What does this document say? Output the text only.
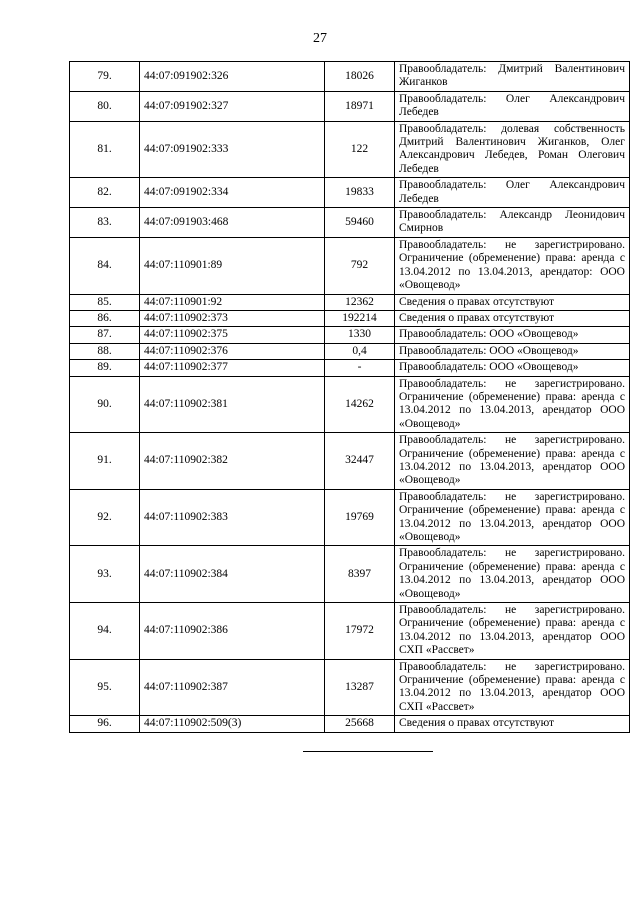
27
79.	44:07:091902:326	18026	Правообладатель: Дмитрий Валентинович Жиганков
80.	44:07:091902:327	18971	Правообладатель: Олег Александрович Лебедев
81.	44:07:091902:333	122	Правообладатель: долевая собственность Дмитрий Валентинович Жиганков, Олег Александрович Лебедев, Роман Олегович Лебедев
82.	44:07:091902:334	19833	Правообладатель: Олег Александрович Лебедев
83.	44:07:091903:468	59460	Правообладатель: Александр Леонидович Смирнов
84.	44:07:110901:89	792	Правообладатель: не зарегистрировано. Ограничение (обременение) права: аренда с 13.04.2012 по 13.04.2013, арендатор: ООО «Овощевод»
85.	44:07:110901:92	12362	Сведения о правах отсутствуют
86.	44:07:110902:373	192214	Сведения о правах отсутствуют
87.	44:07:110902:375	1330	Правообладатель: ООО «Овощевод»
88.	44:07:110902:376	0,4	Правообладатель: ООО «Овощевод»
89.	44:07:110902:377	-	Правообладатель: ООО «Овощевод»
90.	44:07:110902:381	14262	Правообладатель: не зарегистрировано. Ограничение (обременение) права: аренда с 13.04.2012 по 13.04.2013, арендатор ООО «Овощевод»
91.	44:07:110902:382	32447	Правообладатель: не зарегистрировано. Ограничение (обременение) права: аренда с 13.04.2012 по 13.04.2013, арендатор ООО «Овощевод»
92.	44:07:110902:383	19769	Правообладатель: не зарегистрировано. Ограничение (обременение) права: аренда с 13.04.2012 по 13.04.2013, арендатор ООО «Овощевод»
93.	44:07:110902:384	8397	Правообладатель: не зарегистрировано. Ограничение (обременение) права: аренда с 13.04.2012 по 13.04.2013, арендатор ООО «Овощевод»
94.	44:07:110902:386	17972	Правообладатель: не зарегистрировано. Ограничение (обременение) права: аренда с 13.04.2012 по 13.04.2013, арендатор ООО СХП «Рассвет»
95.	44:07:110902:387	13287	Правообладатель: не зарегистрировано. Ограничение (обременение) права: аренда с 13.04.2012 по 13.04.2013, арендатор ООО СХП «Рассвет»
96.	44:07:110902:509(3)	25668	Сведения о правах отсутствуют
